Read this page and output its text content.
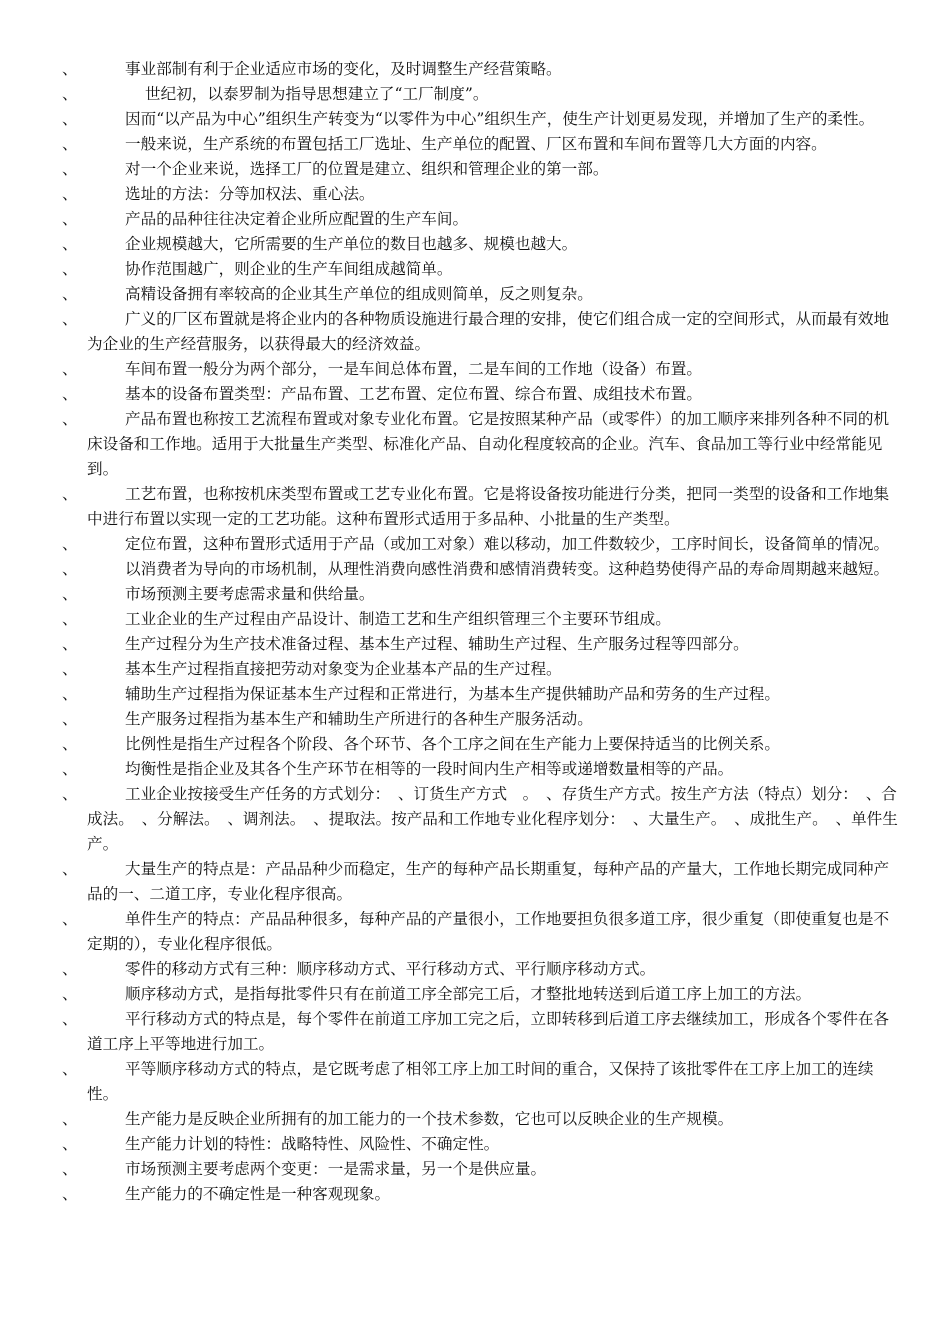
、	事业部制有利于企业适应市场的变化，及时调整生产经营策略。
、	世纪初，以泰罗制为指导思想建立了“工厂制度”。
、	因而“以产品为中心”组织生产转变为“以零件为中心”组织生产，使生产计划更易发现，并增加了生产的柔性。
、	一般来说，生产系统的布置包括工厂选址、生产单位的配置、厂区布置和车间布置等几大方面的内容。
、	对一个企业来说，选择工厂的位置是建立、组织和管理企业的第一部。
、	选址的方法：分等加权法、重心法。
、	产品的品种往往决定着企业所应配置的生产车间。
、	企业规模越大，它所需要的生产单位的数目也越多、规模也越大。
、	协作范围越广，则企业的生产车间组成越简单。
、	高精设备拥有率较高的企业其生产单位的组成则简单，反之则复杂。
、	广义的厂区布置就是将企业内的各种物质设施进行最合理的安排，使它们组合成一定的空间形式，从而最有效地为企业的生产经营服务，以获得最大的经济效益。
、	车间布置一般分为两个部分，一是车间总体布置，二是车间的工作地（设备）布置。
、	基本的设备布置类型：产品布置、工艺布置、定位布置、综合布置、成组技术布置。
、	产品布置也称按工艺流程布置或对象专业化布置。它是按照某种产品（或零件）的加工顺序来排列各种不同的机床设备和工作地。适用于大批量生产类型、标准化产品、自动化程度较高的企业。汽车、食品加工等行业中经常能见到。
、	工艺布置，也称按机床类型布置或工艺专业化布置。它是将设备按功能进行分类，把同一类型的设备和工作地集中进行布置以实现一定的工艺功能。这种布置形式适用于多品种、小批量的生产类型。
、	定位布置，这种布置形式适用于产品（或加工对象）难以移动，加工件数较少，工序时间长，设备简单的情况。
、	以消费者为导向的市场机制，从理性消费向感性消费和感情消费转变。这种趋势使得产品的寿命周期越来越短。
、	市场预测主要考虑需求量和供给量。
、	工业企业的生产过程由产品设计、制造工艺和生产组织管理三个主要环节组成。
、	生产过程分为生产技术准备过程、基本生产过程、辅助生产过程、生产服务过程等四部分。
、	基本生产过程指直接把劳动对象变为企业基本产品的生产过程。
、	辅助生产过程指为保证基本生产过程和正常进行，为基本生产提供辅助产品和劳务的生产过程。
、	生产服务过程指为基本生产和辅助生产所进行的各种生产服务活动。
、	比例性是指生产过程各个阶段、各个环节、各个工序之间在生产能力上要保持适当的比例关系。
、	均衡性是指企业及其各个生产环节在相等的一段时间内生产相等或递增数量相等的产品。
、	工业企业按接受生产任务的方式划分：　、订货生产方式　。　、存货生产方式。按生产方法（特点）划分：　、合成法。　、分解法。　、调剂法。　、提取法。按产品和工作地专业化程序划分：　、大量生产。　、成批生产。　、单件生产。
、	大量生产的特点是：产品品种少而稳定，生产的每种产品长期重复，每种产品的产量大，工作地长期完成同种产品的一、二道工序，专业化程序很高。
、	单件生产的特点：产品品种很多，每种产品的产量很小，工作地要担负很多道工序，很少重复（即使重复也是不定期的），专业化程序很低。
、	零件的移动方式有三种：顺序移动方式、平行移动方式、平行顺序移动方式。
、	顺序移动方式，是指每批零件只有在前道工序全部完工后，才整批地转送到后道工序上加工的方法。
、	平行移动方式的特点是，每个零件在前道工序加工完之后，立即转移到后道工序去继续加工，形成各个零件在各道工序上平等地进行加工。
、	平等顺序移动方式的特点，是它既考虑了相邻工序上加工时间的重合，又保持了该批零件在工序上加工的连续性。
、	生产能力是反映企业所拥有的加工能力的一个技术参数，它也可以反映企业的生产规模。
、	生产能力计划的特性：战略特性、风险性、不确定性。
、	市场预测主要考虑两个变更：一是需求量，另一个是供应量。
、	生产能力的不确定性是一种客观现象。
